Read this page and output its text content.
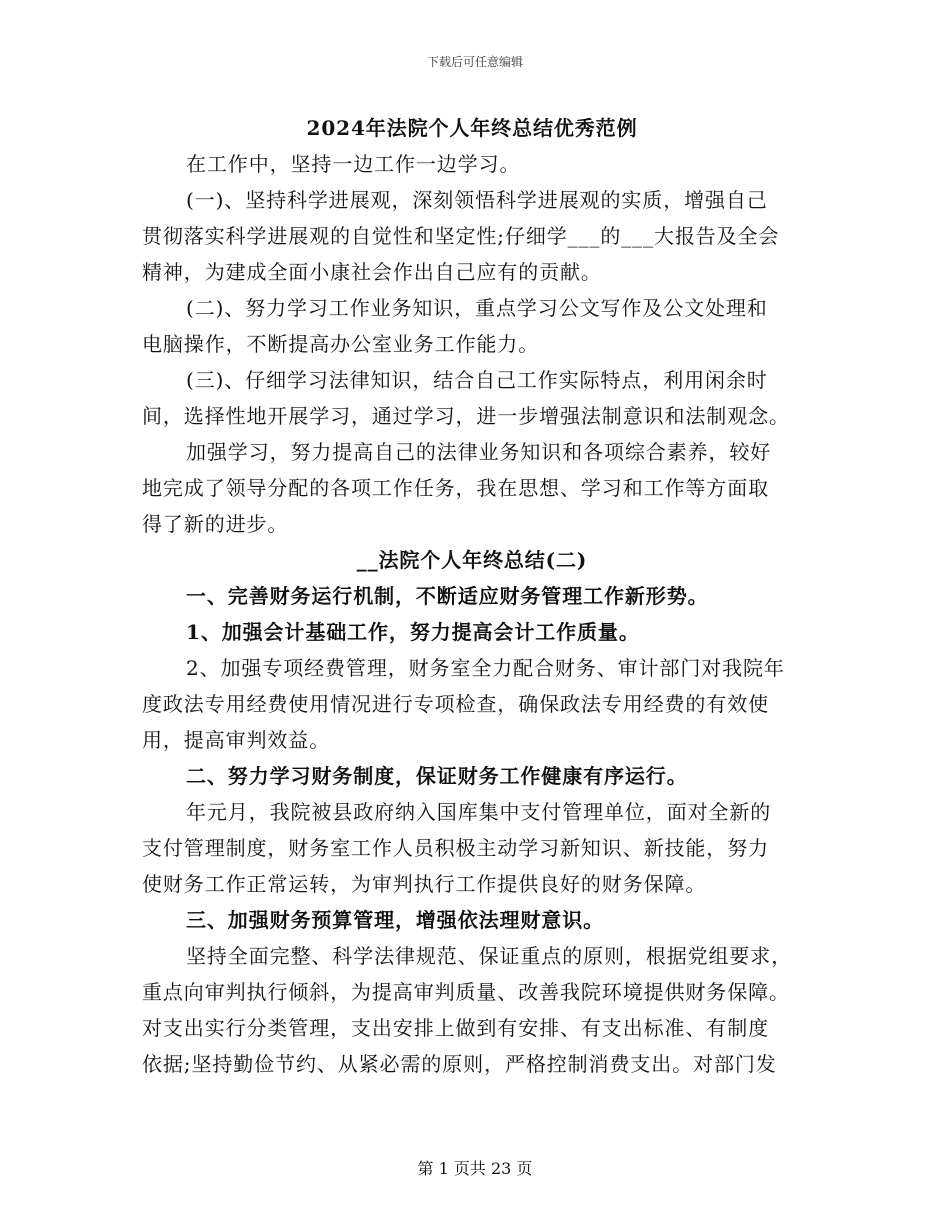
下载后可任意编辑
2024年法院个人年终总结优秀范例
在工作中，坚持一边工作一边学习。
(一)、坚持科学进展观，深刻领悟科学进展观的实质，增强自己
贯彻落实科学进展观的自觉性和坚定性;仔细学___的___大报告及全会
精神，为建成全面小康社会作出自己应有的贡献。
(二)、努力学习工作业务知识，重点学习公文写作及公文处理和
电脑操作，不断提高办公室业务工作能力。
(三)、仔细学习法律知识，结合自己工作实际特点，利用闲余时
间，选择性地开展学习，通过学习，进一步增强法制意识和法制观念。
加强学习，努力提高自己的法律业务知识和各项综合素养，较好
地完成了领导分配的各项工作任务，我在思想、学习和工作等方面取
得了新的进步。
__法院个人年终总结(二)
一、完善财务运行机制，不断适应财务管理工作新形势。
1、加强会计基础工作，努力提高会计工作质量。
2、加强专项经费管理，财务室全力配合财务、审计部门对我院年
度政法专用经费使用情况进行专项检查，确保政法专用经费的有效使
用，提高审判效益。
二、努力学习财务制度，保证财务工作健康有序运行。
年元月，我院被县政府纳入国库集中支付管理单位，面对全新的
支付管理制度，财务室工作人员积极主动学习新知识、新技能，努力
使财务工作正常运转，为审判执行工作提供良好的财务保障。
三、加强财务预算管理，增强依法理财意识。
坚持全面完整、科学法律规范、保证重点的原则，根据党组要求，
重点向审判执行倾斜，为提高审判质量、改善我院环境提供财务保障。
对支出实行分类管理，支出安排上做到有安排、有支出标准、有制度
依据;坚持勤俭节约、从紧必需的原则，严格控制消费支出。对部门发
第 1 页共 23 页
